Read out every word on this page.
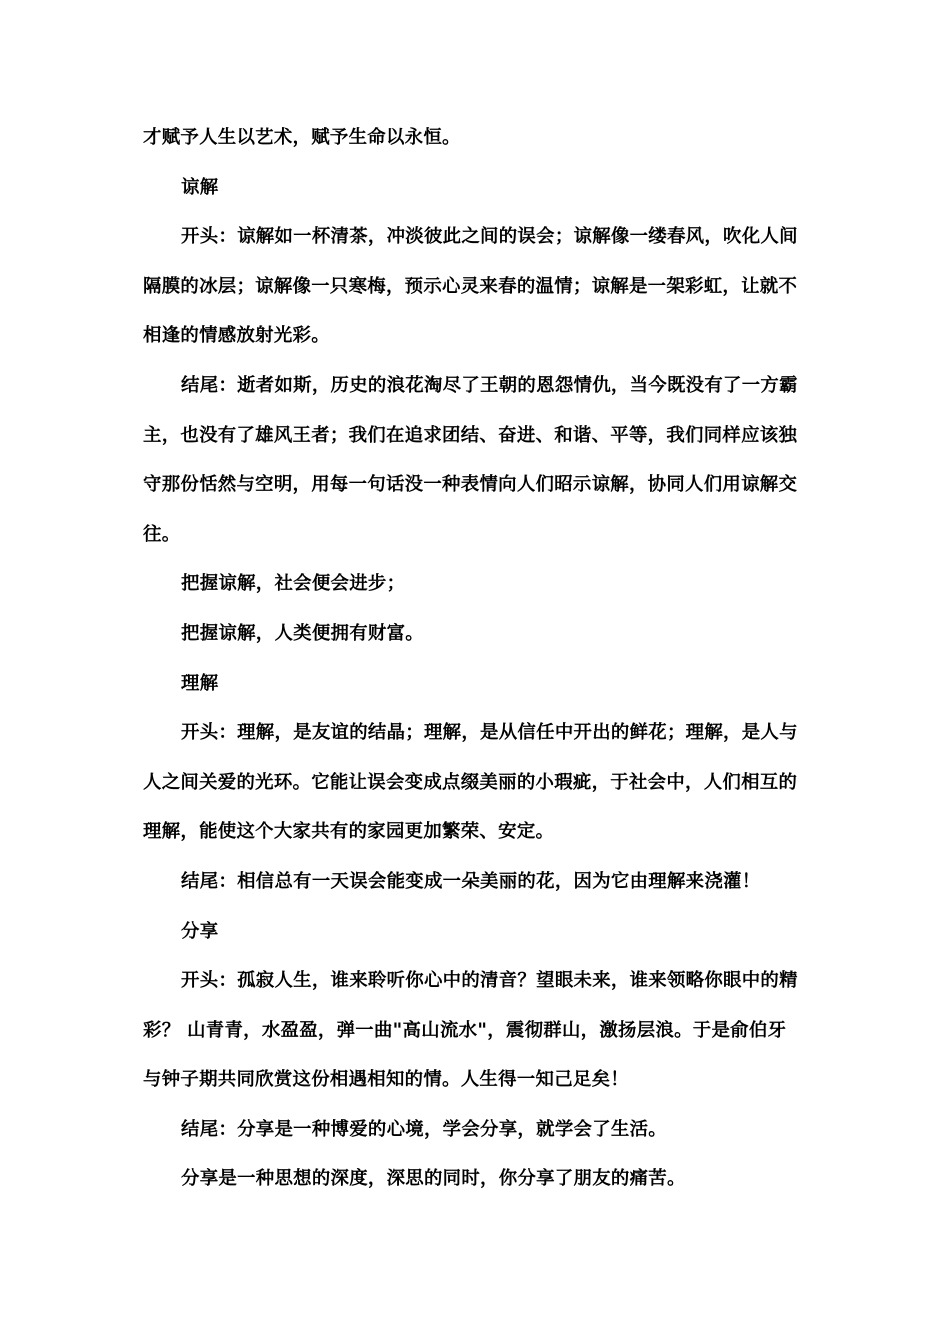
才赋予人生以艺术，赋予生命以永恒。

谅解

开头：谅解如一杯清茶，冲淡彼此之间的误会；谅解像一缕春风，吹化人间

隔膜的冰层；谅解像一只寒梅，预示心灵来春的温情；谅解是一架彩虹，让就不

相逢的情感放射光彩。

结尾：逝者如斯，历史的浪花淘尽了王朝的恩怨情仇，当今既没有了一方霸

主，也没有了雄风王者；我们在追求团结、奋进、和谐、平等，我们同样应该独

守那份恬然与空明，用每一句话没一种表情向人们昭示谅解，协同人们用谅解交

往。

把握谅解，社会便会进步；

把握谅解，人类便拥有财富。

理解

开头：理解，是友谊的结晶；理解，是从信任中开出的鲜花；理解，是人与

人之间关爱的光环。它能让误会变成点缀美丽的小瑕疵，于社会中，人们相互的

理解，能使这个大家共有的家园更加繁荣、安定。

结尾：相信总有一天误会能变成一朵美丽的花，因为它由理解来浇灌！

分享

开头：孤寂人生，谁来聆听你心中的清音？望眼未来，谁来领略你眼中的精

彩？ 山青青，水盈盈，弹一曲"高山流水"，震彻群山，激扬层浪。于是俞伯牙

与钟子期共同欣赏这份相遇相知的情。人生得一知己足矣！

结尾：分享是一种博爱的心境，学会分享，就学会了生活。

分享是一种思想的深度，深思的同时，你分享了朋友的痛苦。
